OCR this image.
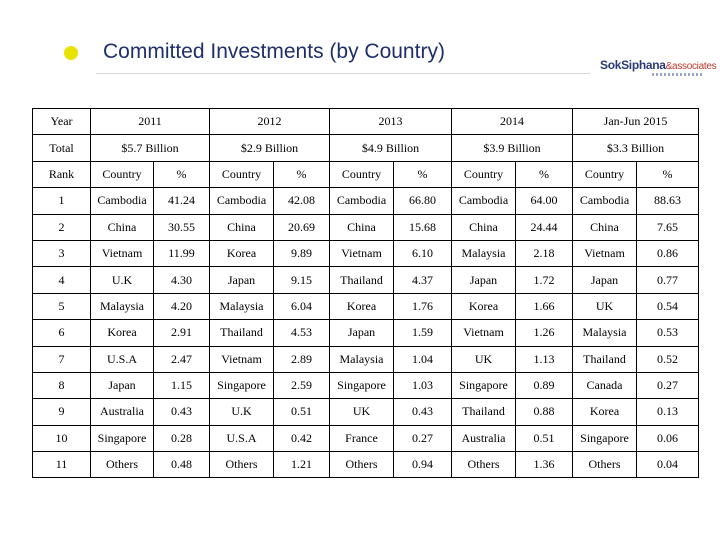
Committed Investments (by Country)
SokSiphana&associates
Year	2011		2012		2013		2014		Jan-Jun 2015	
Total	$5.7 Billion		$2.9 Billion		$4.9 Billion		$3.9 Billion		$3.3 Billion	
Rank	Country	%	Country	%	Country	%	Country	%	Country	%
1	Cambodia	41.24	Cambodia	42.08	Cambodia	66.80	Cambodia	64.00	Cambodia	88.63
2	China	30.55	China	20.69	China	15.68	China	24.44	China	7.65
3	Vietnam	11.99	Korea	9.89	Vietnam	6.10	Malaysia	2.18	Vietnam	0.86
4	U.K	4.30	Japan	9.15	Thailand	4.37	Japan	1.72	Japan	0.77
5	Malaysia	4.20	Malaysia	6.04	Korea	1.76	Korea	1.66	UK	0.54
6	Korea	2.91	Thailand	4.53	Japan	1.59	Vietnam	1.26	Malaysia	0.53
7	U.S.A	2.47	Vietnam	2.89	Malaysia	1.04	UK	1.13	Thailand	0.52
8	Japan	1.15	Singapore	2.59	Singapore	1.03	Singapore	0.89	Canada	0.27
9	Australia	0.43	U.K	0.51	UK	0.43	Thailand	0.88	Korea	0.13
10	Singapore	0.28	U.S.A	0.42	France	0.27	Australia	0.51	Singapore	0.06
11	Others	0.48	Others	1.21	Others	0.94	Others	1.36	Others	0.04
